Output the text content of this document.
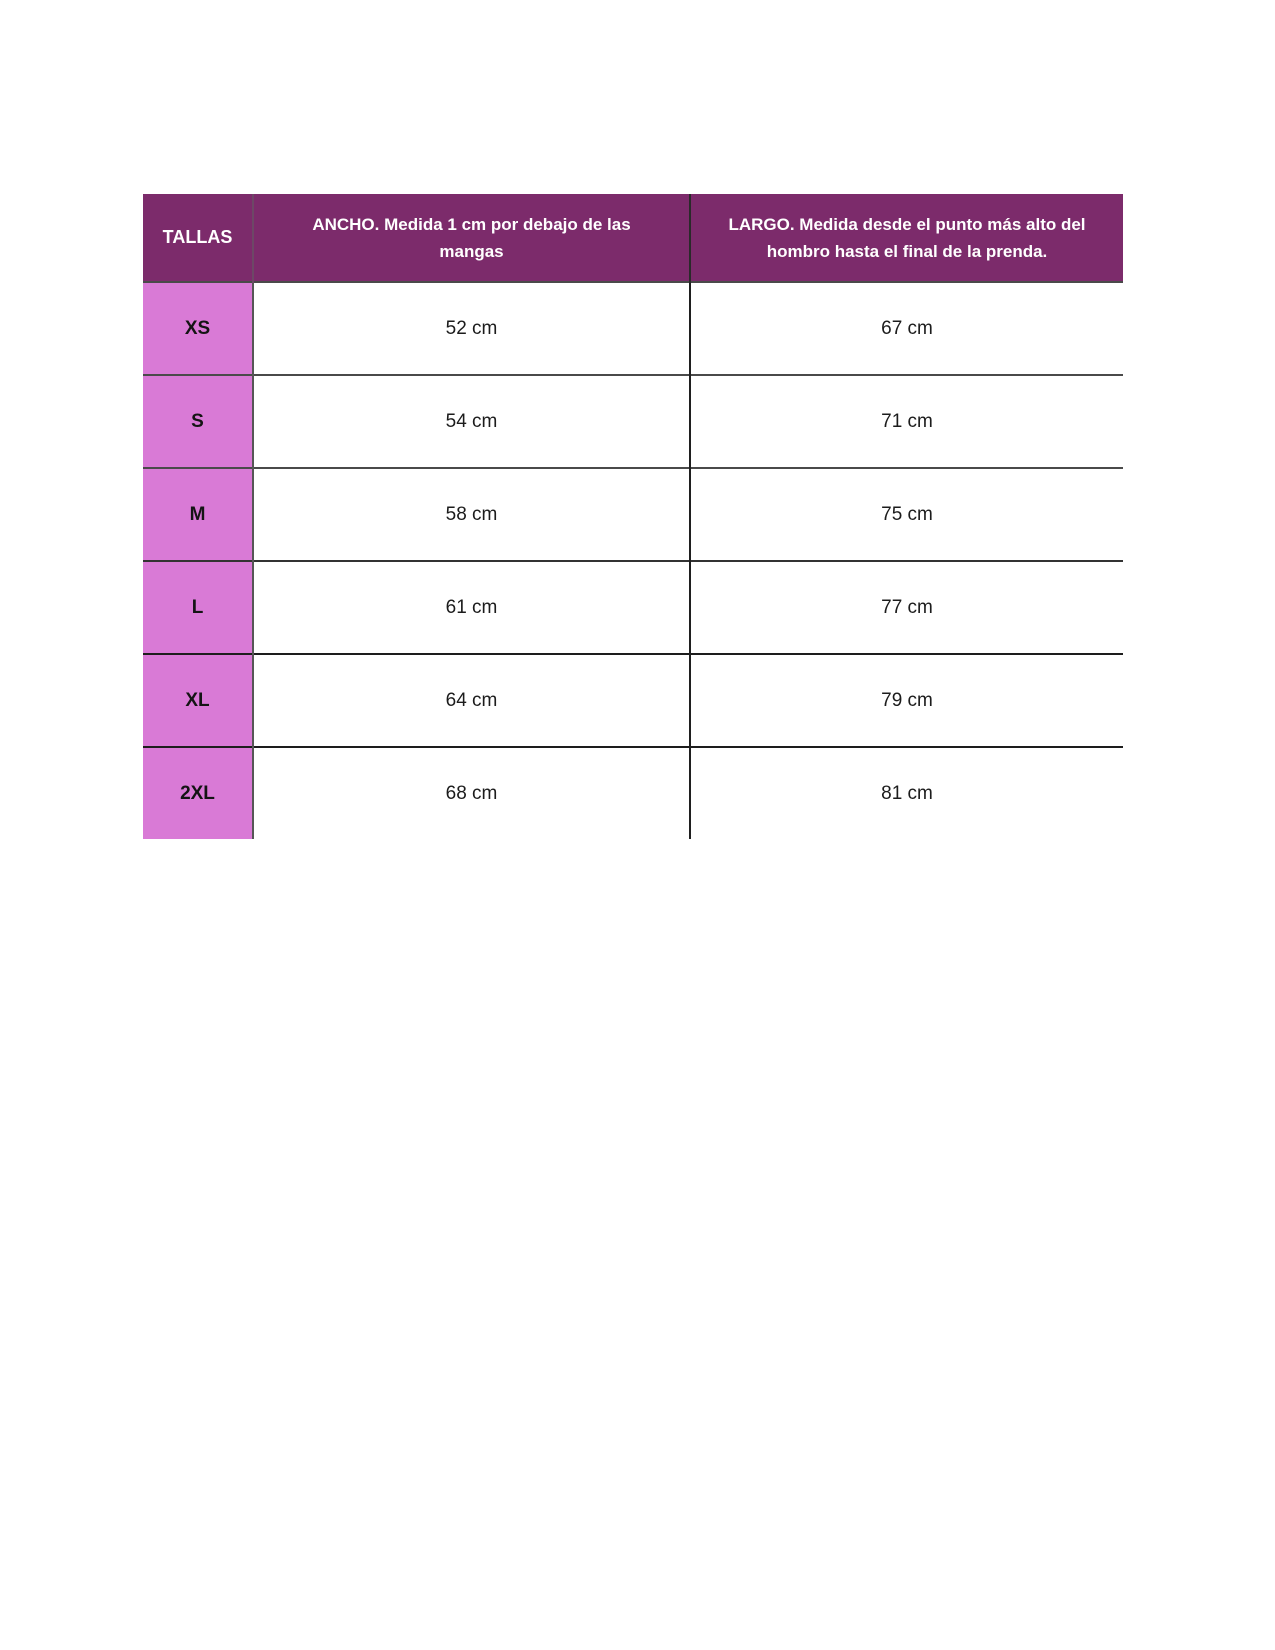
TALLAS	ANCHO. Medida 1 cm por debajo de las mangas	LARGO. Medida desde el punto más alto del hombro hasta el final de la prenda.
XS	52 cm	67 cm
S	54 cm	71 cm
M	58 cm	75 cm
L	61 cm	77 cm
XL	64 cm	79 cm
2XL	68 cm	81 cm
